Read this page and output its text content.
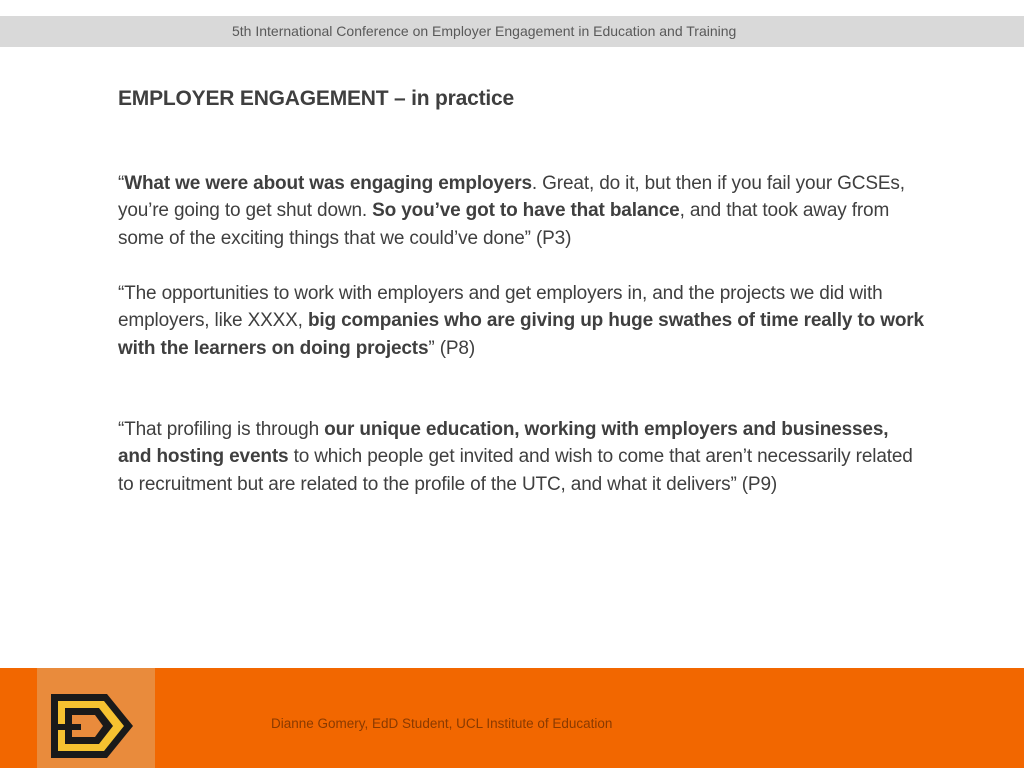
5th International Conference on Employer Engagement in Education and Training
EMPLOYER ENGAGEMENT – in practice
“What we were about was engaging employers. Great, do it, but then if you fail your GCSEs, you’re going to get shut down. So you’ve got to have that balance, and that took away from some of the exciting things that we could’ve done” (P3)
“The opportunities to work with employers and get employers in, and the projects we did with employers, like XXXX, big companies who are giving up huge swathes of time really to work with the learners on doing projects” (P8)
“That profiling is through our unique education, working with employers and businesses, and hosting events to which people get invited and wish to come that aren’t necessarily related to recruitment but are related to the profile of the UTC, and what it delivers” (P9)
Dianne Gomery, EdD Student, UCL Institute of Education
